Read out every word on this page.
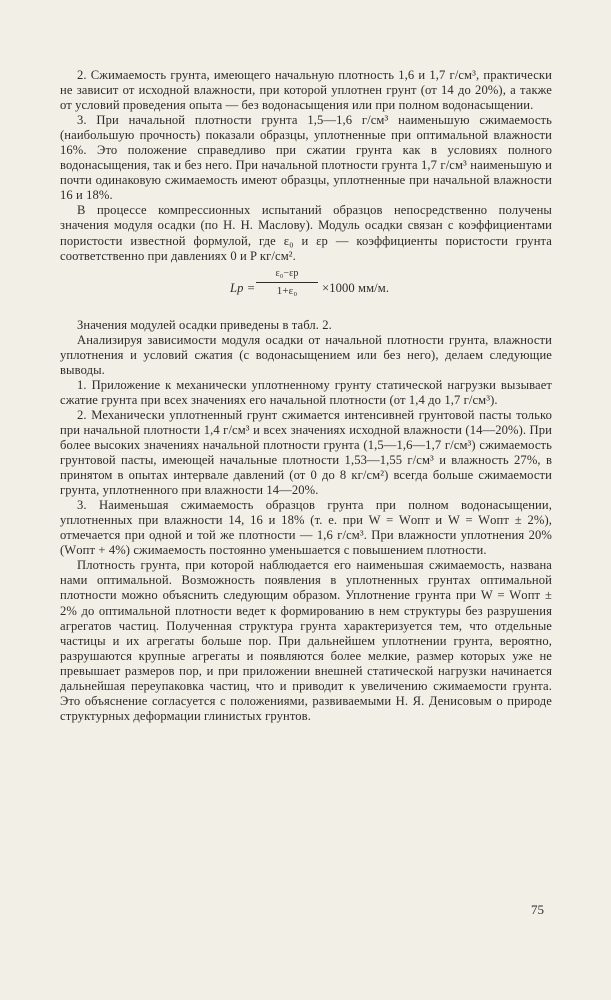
2. Сжимаемость грунта, имеющего начальную плотность 1,6 и 1,7 г/см³, практически не зависит от исходной влажности, при которой уплотнен грунт (от 14 до 20%), а также от условий проведения опыта — без водонасыщения или при полном водонасыщении.

3. При начальной плотности грунта 1,5—1,6 г/см³ наименьшую сжимаемость (наибольшую прочность) показали образцы, уплотненные при оптимальной влажности 16%. Это положение справедливо при сжатии грунта как в условиях полного водонасыщения, так и без него. При начальной плотности грунта 1,7 г/см³ наименьшую и почти одинаковую сжимаемость имеют образцы, уплотненные при начальной влажности 16 и 18%.

В процессе компрессионных испытаний образцов непосредственно получены значения модуля осадки (по Н. Н. Маслову). Модуль осадки связан с коэффициентами пористости известной формулой, где ε₀ и εр — коэффициенты пористости грунта соответственно при давлениях 0 и P кг/см².

Lp =
ε₀−εр
1+ε₀	×1000 мм/м.

Значения модулей осадки приведены в табл. 2.

Анализируя зависимости модуля осадки от начальной плотности грунта, влажности уплотнения и условий сжатия (с водонасыщением или без него), делаем следующие выводы.

1. Приложение к механически уплотненному грунту статической нагрузки вызывает сжатие грунта при всех значениях его начальной плотности (от 1,4 до 1,7 г/см³).

2. Механически уплотненный грунт сжимается интенсивней грунтовой пасты только при начальной плотности 1,4 г/см³ и всех значениях исходной влажности (14—20%). При более высоких значениях начальной плотности грунта (1,5—1,6—1,7 г/см³) сжимаемость грунтовой пасты, имеющей начальные плотности 1,53—1,55 г/см³ и влажность 27%, в принятом в опытах интервале давлений (от 0 до 8 кг/см²) всегда больше сжимаемости грунта, уплотненного при влажности 14—20%.

3. Наименьшая сжимаемость образцов грунта при полном водонасыщении, уплотненных при влажности 14, 16 и 18% (т. е. при W = Wопт и W = Wопт ± 2%), отмечается при одной и той же плотности — 1,6 г/см³. При влажности уплотнения 20% (Wопт + 4%) сжимаемость постоянно уменьшается с повышением плотности.

Плотность грунта, при которой наблюдается его наименьшая сжимаемость, названа нами оптимальной. Возможность появления в уплотненных грунтах оптимальной плотности можно объяснить следующим образом. Уплотнение грунта при W = Wопт ± 2% до оптимальной плотности ведет к формированию в нем структуры без разрушения агрегатов частиц. Полученная структура грунта характеризуется тем, что отдельные частицы и их агрегаты больше пор. При дальнейшем уплотнении грунта, вероятно, разрушаются крупные агрегаты и появляются более мелкие, размер которых уже не превышает размеров пор, и при приложении внешней статической нагрузки начинается дальнейшая переупаковка частиц, что и приводит к увеличению сжимаемости грунта. Это объяснение согласуется с положениями, развиваемыми Н. Я. Денисовым о природе структурных деформации глинистых грунтов.

75
